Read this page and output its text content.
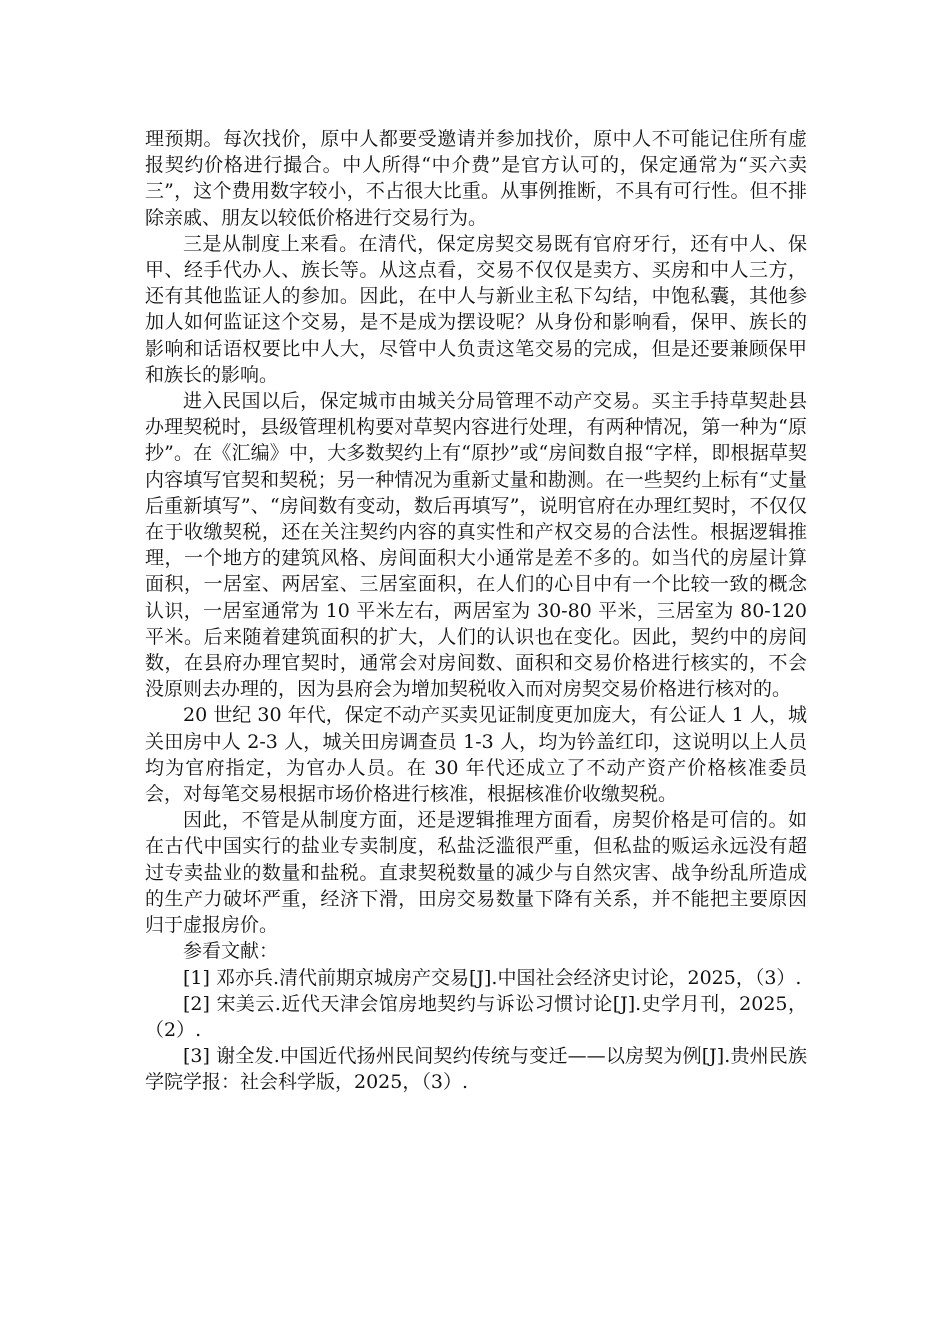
理预期。每次找价，原中人都要受邀请并参加找价，原中人不可能记住所有虚报契约价格进行撮合。中人所得“中介费”是官方认可的，保定通常为“买六卖三”，这个费用数字较小，不占很大比重。从事例推断，不具有可行性。但不排除亲戚、朋友以较低价格进行交易行为。

三是从制度上来看。在清代，保定房契交易既有官府牙行，还有中人、保甲、经手代办人、族长等。从这点看，交易不仅仅是卖方、买房和中人三方，还有其他监证人的参加。因此，在中人与新业主私下勾结，中饱私囊，其他参加人如何监证这个交易，是不是成为摆设呢？从身份和影响看，保甲、族长的影响和话语权要比中人大，尽管中人负责这笔交易的完成，但是还要兼顾保甲和族长的影响。

进入民国以后，保定城市由城关分局管理不动产交易。买主手持草契赴县办理契税时，县级管理机构要对草契内容进行处理，有两种情况，第一种为“原抄”。在《汇编》中，大多数契约上有“原抄”或“房间数自报“字样，即根据草契内容填写官契和契税；另一种情况为重新丈量和勘测。在一些契约上标有“丈量后重新填写”、“房间数有变动，数后再填写”，说明官府在办理红契时，不仅仅在于收缴契税，还在关注契约内容的真实性和产权交易的合法性。根据逻辑推理，一个地方的建筑风格、房间面积大小通常是差不多的。如当代的房屋计算面积，一居室、两居室、三居室面积，在人们的心目中有一个比较一致的概念认识，一居室通常为 10 平米左右，两居室为 30-80 平米，三居室为 80-120 平米。后来随着建筑面积的扩大，人们的认识也在变化。因此，契约中的房间数，在县府办理官契时，通常会对房间数、面积和交易价格进行核实的，不会没原则去办理的，因为县府会为增加契税收入而对房契交易价格进行核对的。

20 世纪 30 年代，保定不动产买卖见证制度更加庞大，有公证人 1 人，城关田房中人 2-3 人，城关田房调查员 1-3 人，均为钤盖红印，这说明以上人员均为官府指定，为官办人员。在 30 年代还成立了不动产资产价格核准委员会，对每笔交易根据市场价格进行核准，根据核准价收缴契税。

因此，不管是从制度方面，还是逻辑推理方面看，房契价格是可信的。如在古代中国实行的盐业专卖制度，私盐泛滥很严重，但私盐的贩运永远没有超过专卖盐业的数量和盐税。直隶契税数量的减少与自然灾害、战争纷乱所造成的生产力破坏严重，经济下滑，田房交易数量下降有关系，并不能把主要原因归于虚报房价。

参看文献：

[1] 邓亦兵.清代前期京城房产交易[J].中国社会经济史讨论，2025，（3）.

[2] 宋美云.近代天津会馆房地契约与诉讼习惯讨论[J].史学月刊，2025，（2）.

[3] 谢全发.中国近代扬州民间契约传统与变迁——以房契为例[J].贵州民族学院学报：社会科学版，2025，（3）.
